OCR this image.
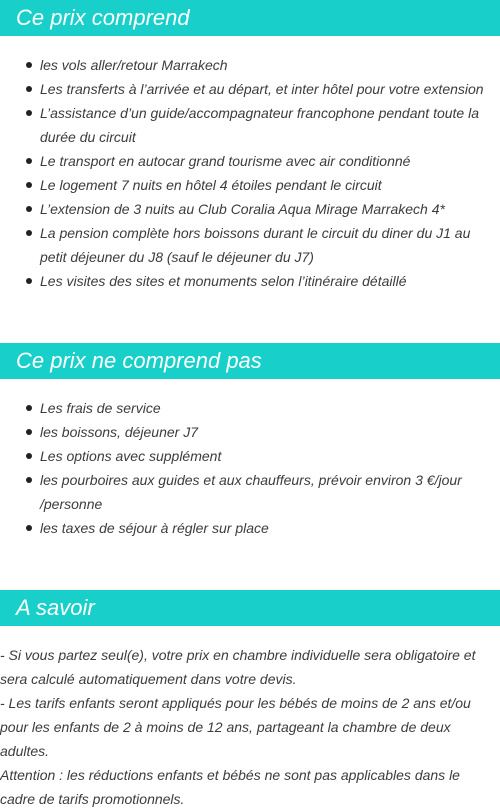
Ce prix comprend
les vols aller/retour Marrakech
Les transferts à l’arrivée et au départ, et inter hôtel pour votre extension
L’assistance d’un guide/accompagnateur francophone pendant toute la durée du circuit
Le transport en autocar grand tourisme avec air conditionné
Le logement 7 nuits en hôtel 4 étoiles pendant le circuit
L’extension de 3 nuits au Club Coralia Aqua Mirage Marrakech 4*
La pension complète hors boissons durant le circuit du diner du J1 au petit déjeuner du J8 (sauf le déjeuner du J7)
Les visites des sites et monuments selon l’itinéraire détaillé
Ce prix ne comprend pas
Les frais de service
les boissons, déjeuner J7
Les options avec supplément
les pourboires aux guides et aux chauffeurs, prévoir environ 3 €/jour /personne
les taxes de séjour à régler sur place
A savoir

- Si vous partez seul(e), votre prix en chambre individuelle sera obligatoire et sera calculé automatiquement dans votre devis.

- Les tarifs enfants seront appliqués pour les bébés de moins de 2 ans et/ou pour les enfants de 2 à moins de 12 ans, partageant la chambre de deux adultes.

Attention : les réductions enfants et bébés ne sont pas applicables dans le cadre de tarifs promotionnels.
